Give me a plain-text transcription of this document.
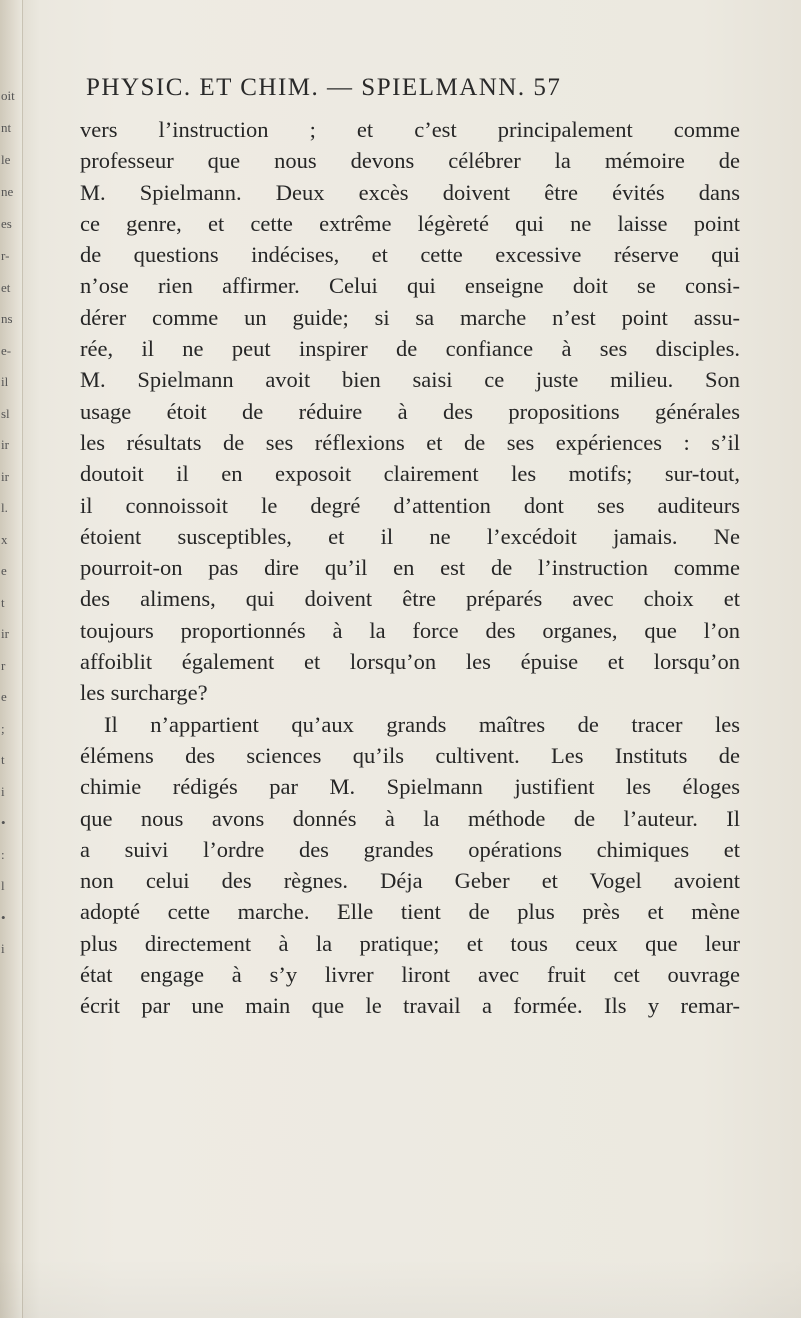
oit
nt
le
ne
es
r-
et
ns
e-
il
sl
ir
ir
l.
x
e
t
ir
r
e
;
t
i
•
:
l
•
i
PHYSIC. ET CHIM. — SPIELMANN. 57
vers l’instruction ; et c’est principalement comme
professeur que nous devons célébrer la mémoire de
M. Spielmann. Deux excès doivent être évités dans
ce genre, et cette extrême légèreté qui ne laisse point
de questions indécises, et cette excessive réserve qui
n’ose rien affirmer. Celui qui enseigne doit se consi-
dérer comme un guide; si sa marche n’est point assu-
rée, il ne peut inspirer de confiance à ses disciples.
M. Spielmann avoit bien saisi ce juste milieu. Son
usage étoit de réduire à des propositions générales
les résultats de ses réflexions et de ses expériences : s’il
doutoit il en exposoit clairement les motifs; sur-tout,
il connoissoit le degré d’attention dont ses auditeurs
étoient susceptibles, et il ne l’excédoit jamais. Ne
pourroit-on pas dire qu’il en est de l’instruction comme
des alimens, qui doivent être préparés avec choix et
toujours proportionnés à la force des organes, que l’on
affoiblit également et lorsqu’on les épuise et lorsqu’on
les surcharge?
Il n’appartient qu’aux grands maîtres de tracer les
élémens des sciences qu’ils cultivent. Les Instituts de
chimie rédigés par M. Spielmann justifient les éloges
que nous avons donnés à la méthode de l’auteur. Il
a suivi l’ordre des grandes opérations chimiques et
non celui des règnes. Déja Geber et Vogel avoient
adopté cette marche. Elle tient de plus près et mène
plus directement à la pratique; et tous ceux que leur
état engage à s’y livrer liront avec fruit cet ouvrage
écrit par une main que le travail a formée. Ils y remar-
